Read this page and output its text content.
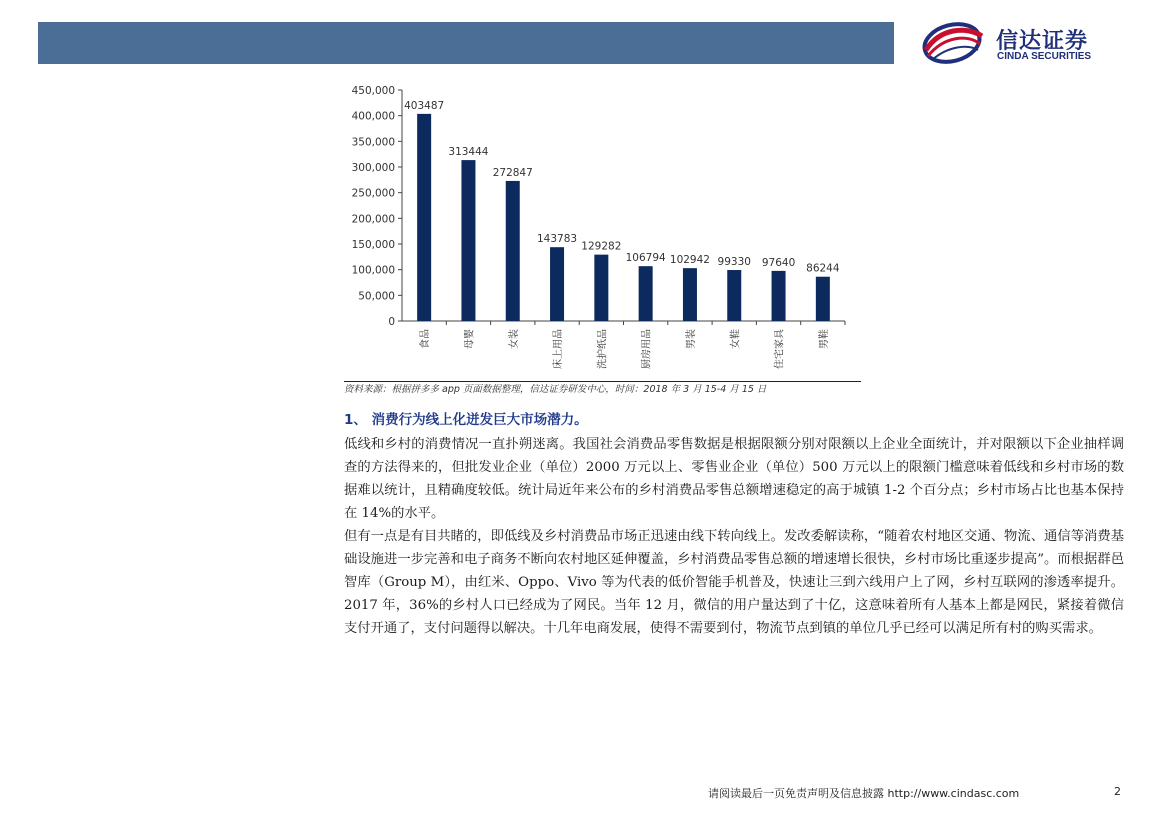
信达证券
CINDA SECURITIES
0
50,000
100,000
150,000
200,000
250,000
300,000
350,000
400,000
450,000
403487
食品
313444
母婴
272847
女装
143783
床上用品
129282
洗护纸品
106794
厨房用品
102942
男装
99330
女鞋
97640
住宅家具
86244
男鞋
资料来源：根据拼多多 app 页面数据整理，信达证券研发中心，时间：2018 年 3 月 15-4 月 15 日
1、 消费行为线上化迸发巨大市场潜力。
低线和乡村的消费情况一直扑朔迷离。我国社会消费品零售数据是根据限额分别对限额以上企业全面统计，并对限额以下企业抽样调查的方法得来的，但批发业企业（单位）2000 万元以上、零售业企业（单位）500 万元以上的限额门槛意味着低线和乡村市场的数据难以统计，且精确度较低。统计局近年来公布的乡村消费品零售总额增速稳定的高于城镇 1-2 个百分点；乡村市场占比也基本保持在 14%的水平。
但有一点是有目共睹的，即低线及乡村消费品市场正迅速由线下转向线上。发改委解读称，“随着农村地区交通、物流、通信等消费基础设施进一步完善和电子商务不断向农村地区延伸覆盖，乡村消费品零售总额的增速增长很快，乡村市场比重逐步提高”。而根据群邑智库（Group M），由红米、Oppo、Vivo 等为代表的低价智能手机普及，快速让三到六线用户上了网，乡村互联网的渗透率提升。2017 年，36%的乡村人口已经成为了网民。当年 12 月，微信的用户量达到了十亿，这意味着所有人基本上都是网民，紧接着微信支付开通了，支付问题得以解决。十几年电商发展，使得不需要到付，物流节点到镇的单位几乎已经可以满足所有村的购买需求。
请阅读最后一页免责声明及信息披露 http://www.cindasc.com	2
